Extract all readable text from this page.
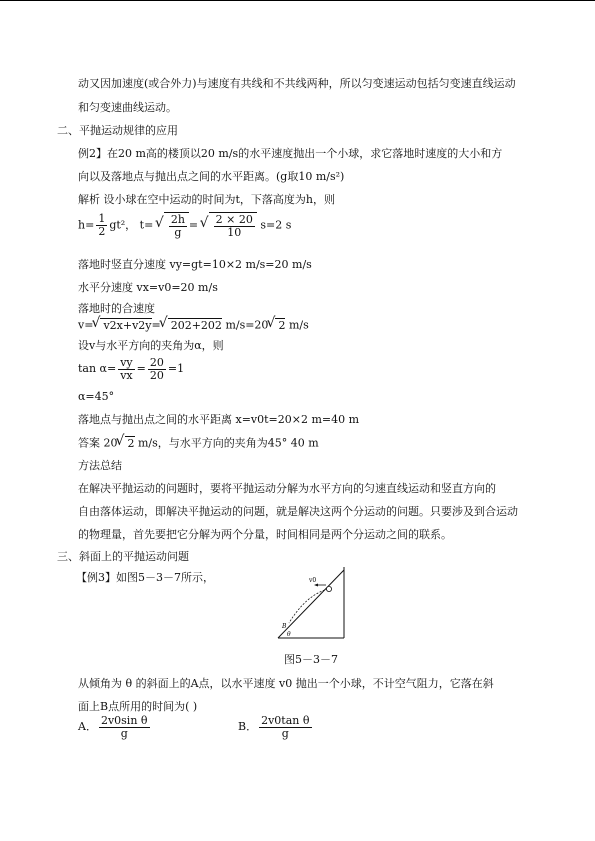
动又因加速度(或合外力)与速度有共线和不共线两种，所以匀变速运动包括匀变速直线运动
和匀变速曲线运动。
二、平抛运动规律的应用
例2】在20 m高的楼顶以20 m/s的水平速度抛出一个小球，求它落地时速度的大小和方
向以及落地点与抛出点之间的水平距离。(g取10 m/s²)
解析 设小球在空中运动的时间为t，下落高度为h，则
$h= \frac{1}{2} gt^2$， t= √ $\frac{2h}{g}$ = √ $\frac{2 \times 20}{10} s=2$ s
落地时竖直分速度 vy=gt=10×2 m/s=20 m/s
水平分速度 vx=v0=20 m/s
落地时的合速度
v= √ v2x+v2y= √ 202+202 m/s=20 √ 2 m/s
设v与水平方向的夹角为α，则
$\tan \alpha= \frac{vy}{vx} = \frac{20}{20} =1$
α=45°
落地点与抛出点之间的水平距离 x=v0t=20×2 m=40 m
答案 20 √ 2 m/s，与水平方向的夹角为45° 40 m
方法总结
在解决平抛运动的问题时，要将平抛运动分解为水平方向的匀速直线运动和竖直方向的
自由落体运动，即解决平抛运动的问题，就是解决这两个分运动的问题。只要涉及到合运动
的物理量，首先要把它分解为两个分量，时间相同是两个分运动之间的联系。
三、斜面上的平抛运动问题
【例3】如图5－3－7所示，	v0
B
θ
图5－3－7
从倾角为 θ 的斜面上的A点，以水平速度 v0 抛出一个小球，不计空气阻力，它落在斜
面上B点所用的时间为( )
A． $\frac{\text{2v0sin θ}}{g}$	B． $\frac{\text{2v0tan θ}}{g}$
